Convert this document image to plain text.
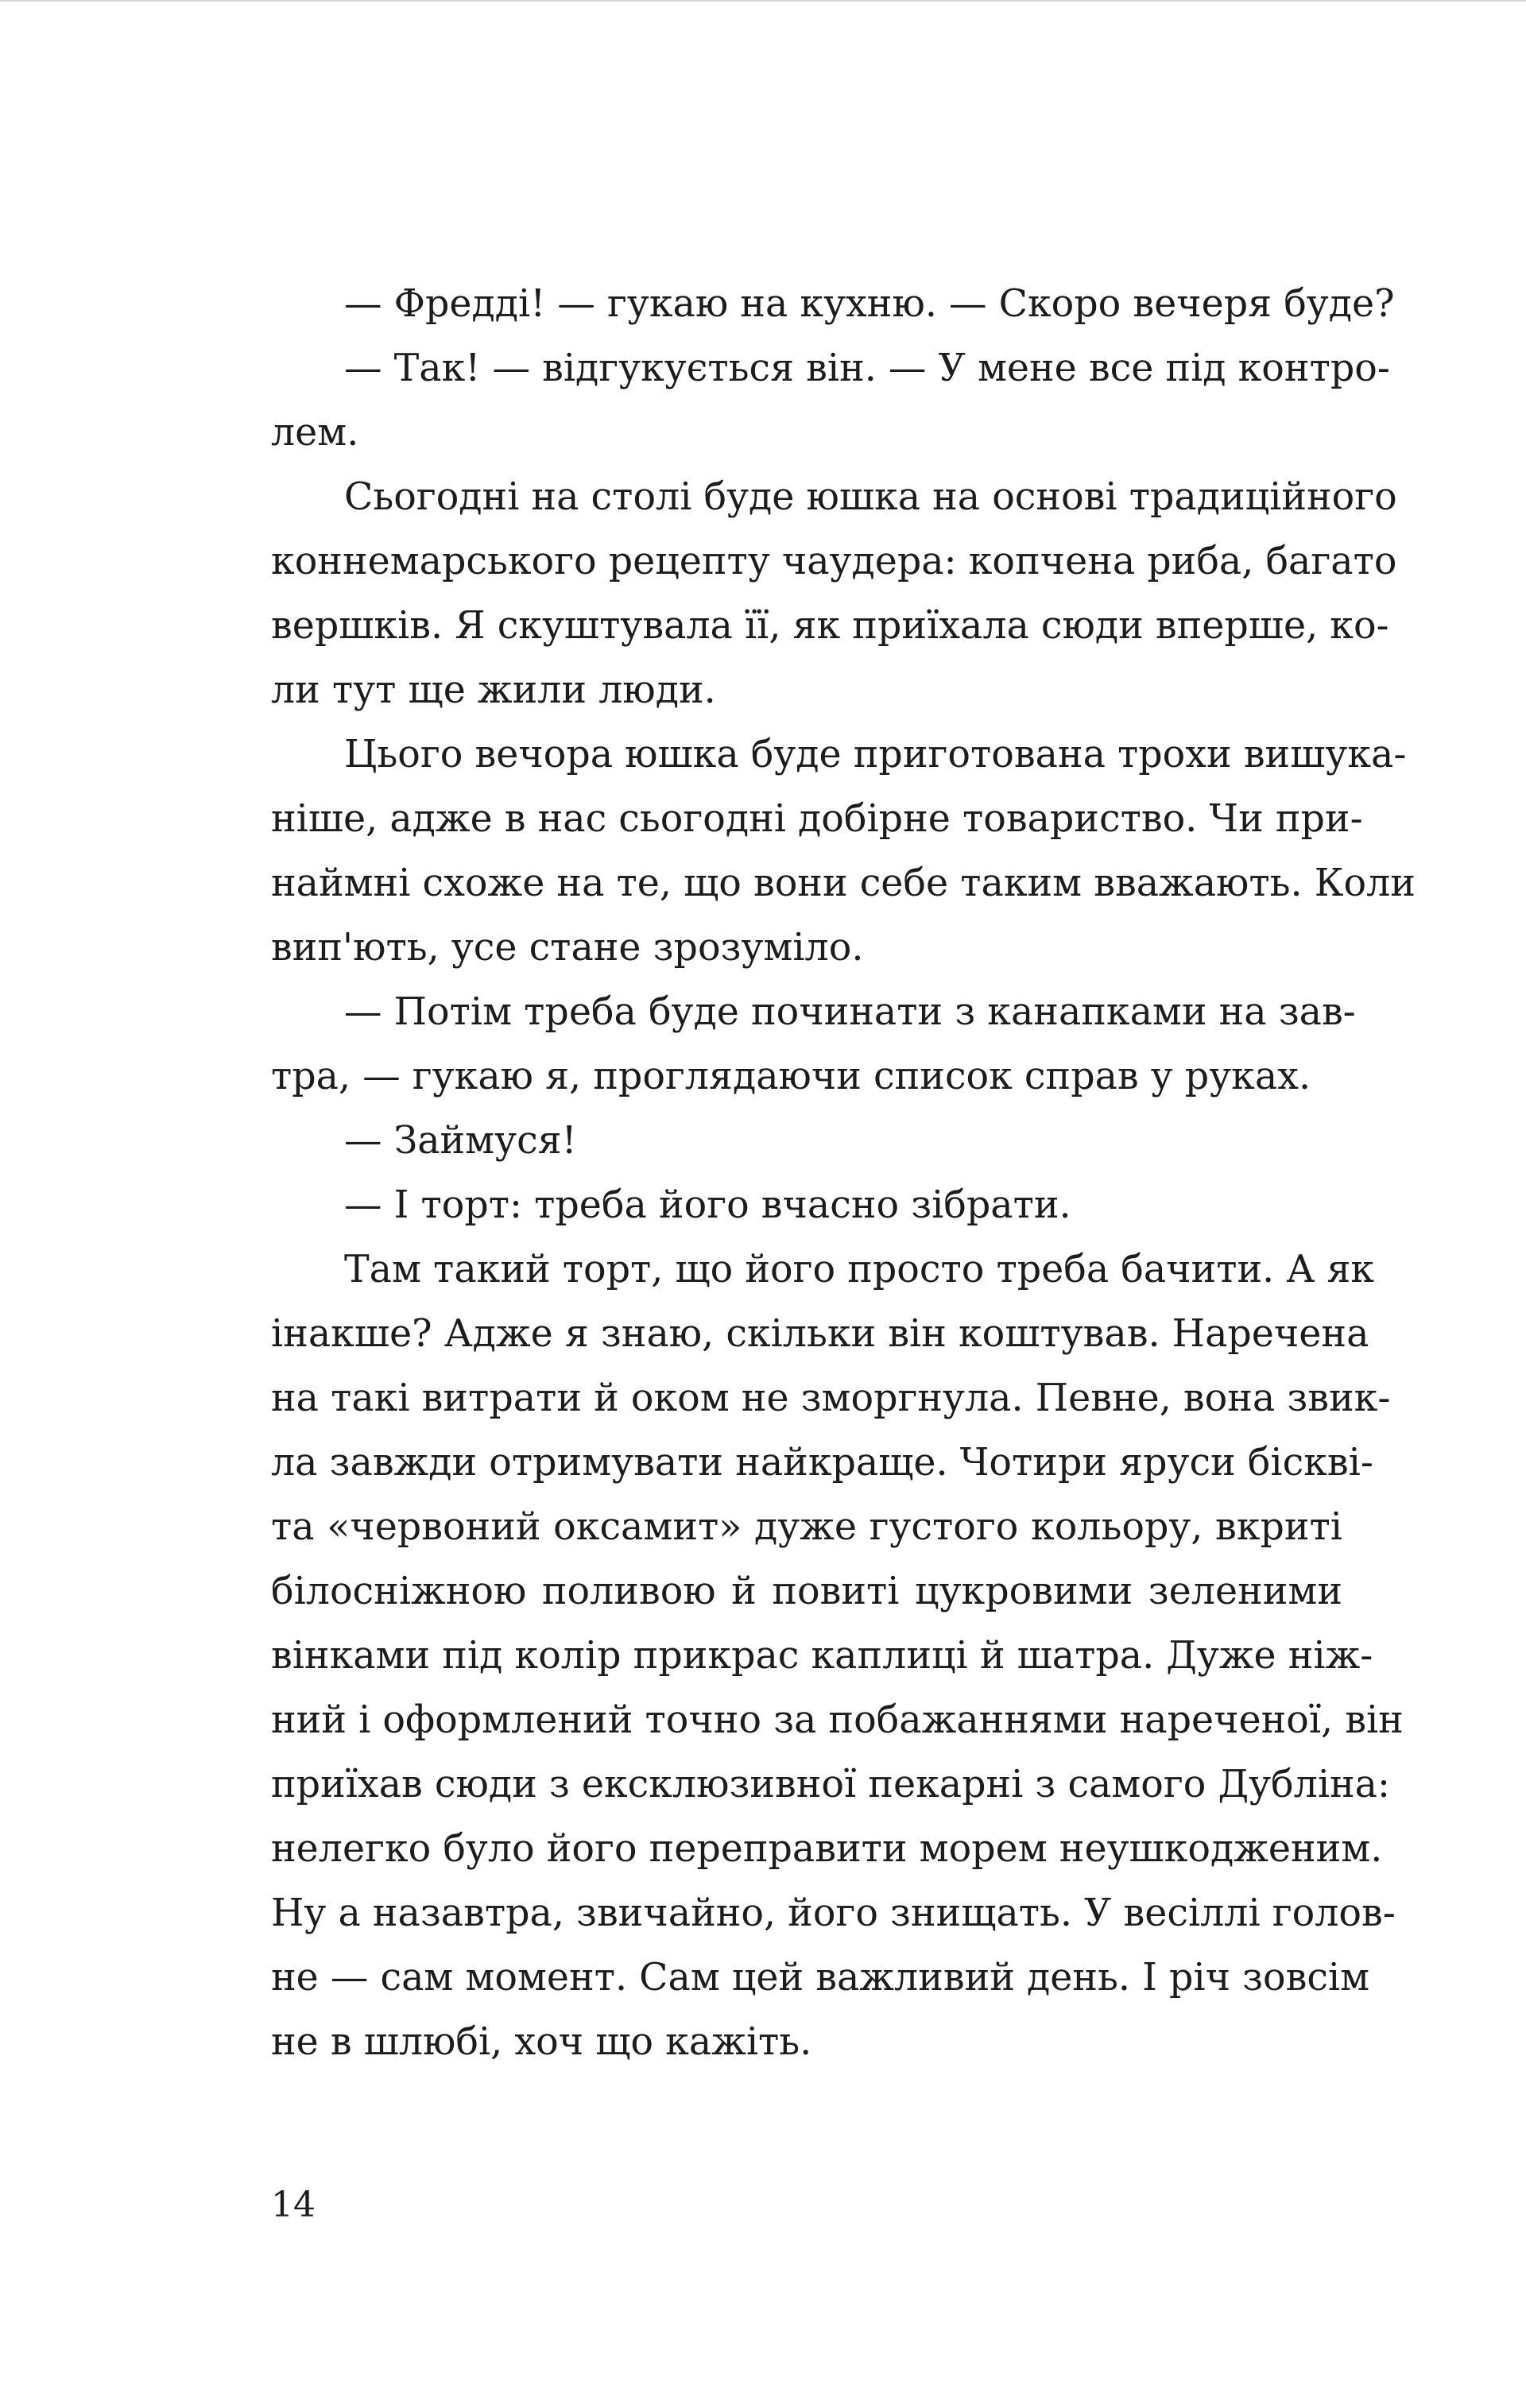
— Фредді! — гукаю на кухню. — Скоро вечеря буде?
— Так! — відгукується він. — У мене все під контро-
лем.
Сьогодні на столі буде юшка на основі традиційного
коннемарського рецепту чаудера: копчена риба, багато
вершків. Я скуштувала її, як приїхала сюди вперше, ко-
ли тут ще жили люди.
Цього вечора юшка буде приготована трохи вишука-
ніше, адже в нас сьогодні добірне товариство. Чи при-
наймні схоже на те, що вони себе таким вважають. Коли
вип'ють, усе стане зрозуміло.
— Потім треба буде починати з канапками на зав-
тра, — гукаю я, проглядаючи список справ у руках.
— Займуся!
— І торт: треба його вчасно зібрати.
Там такий торт, що його просто треба бачити. А як
інакше? Адже я знаю, скільки він коштував. Наречена
на такі витрати й оком не зморгнула. Певне, вона звик-
ла завжди отримувати найкраще. Чотири яруси бісквi-
та «червоний оксамит» дуже густого кольору, вкриті
білосніжною поливою й повиті цукровими зеленими
вінками під колір прикрас каплиці й шатра. Дуже ніж-
ний і оформлений точно за побажаннями нареченої, він
приїхав сюди з ексклюзивної пекарні з самого Дубліна:
нелегко було його переправити морем неушкодженим.
Ну а назавтра, звичайно, його знищать. У весіллі голов-
не — сам момент. Сам цей важливий день. І річ зовсім
не в шлюбі, хоч що кажіть.
14
